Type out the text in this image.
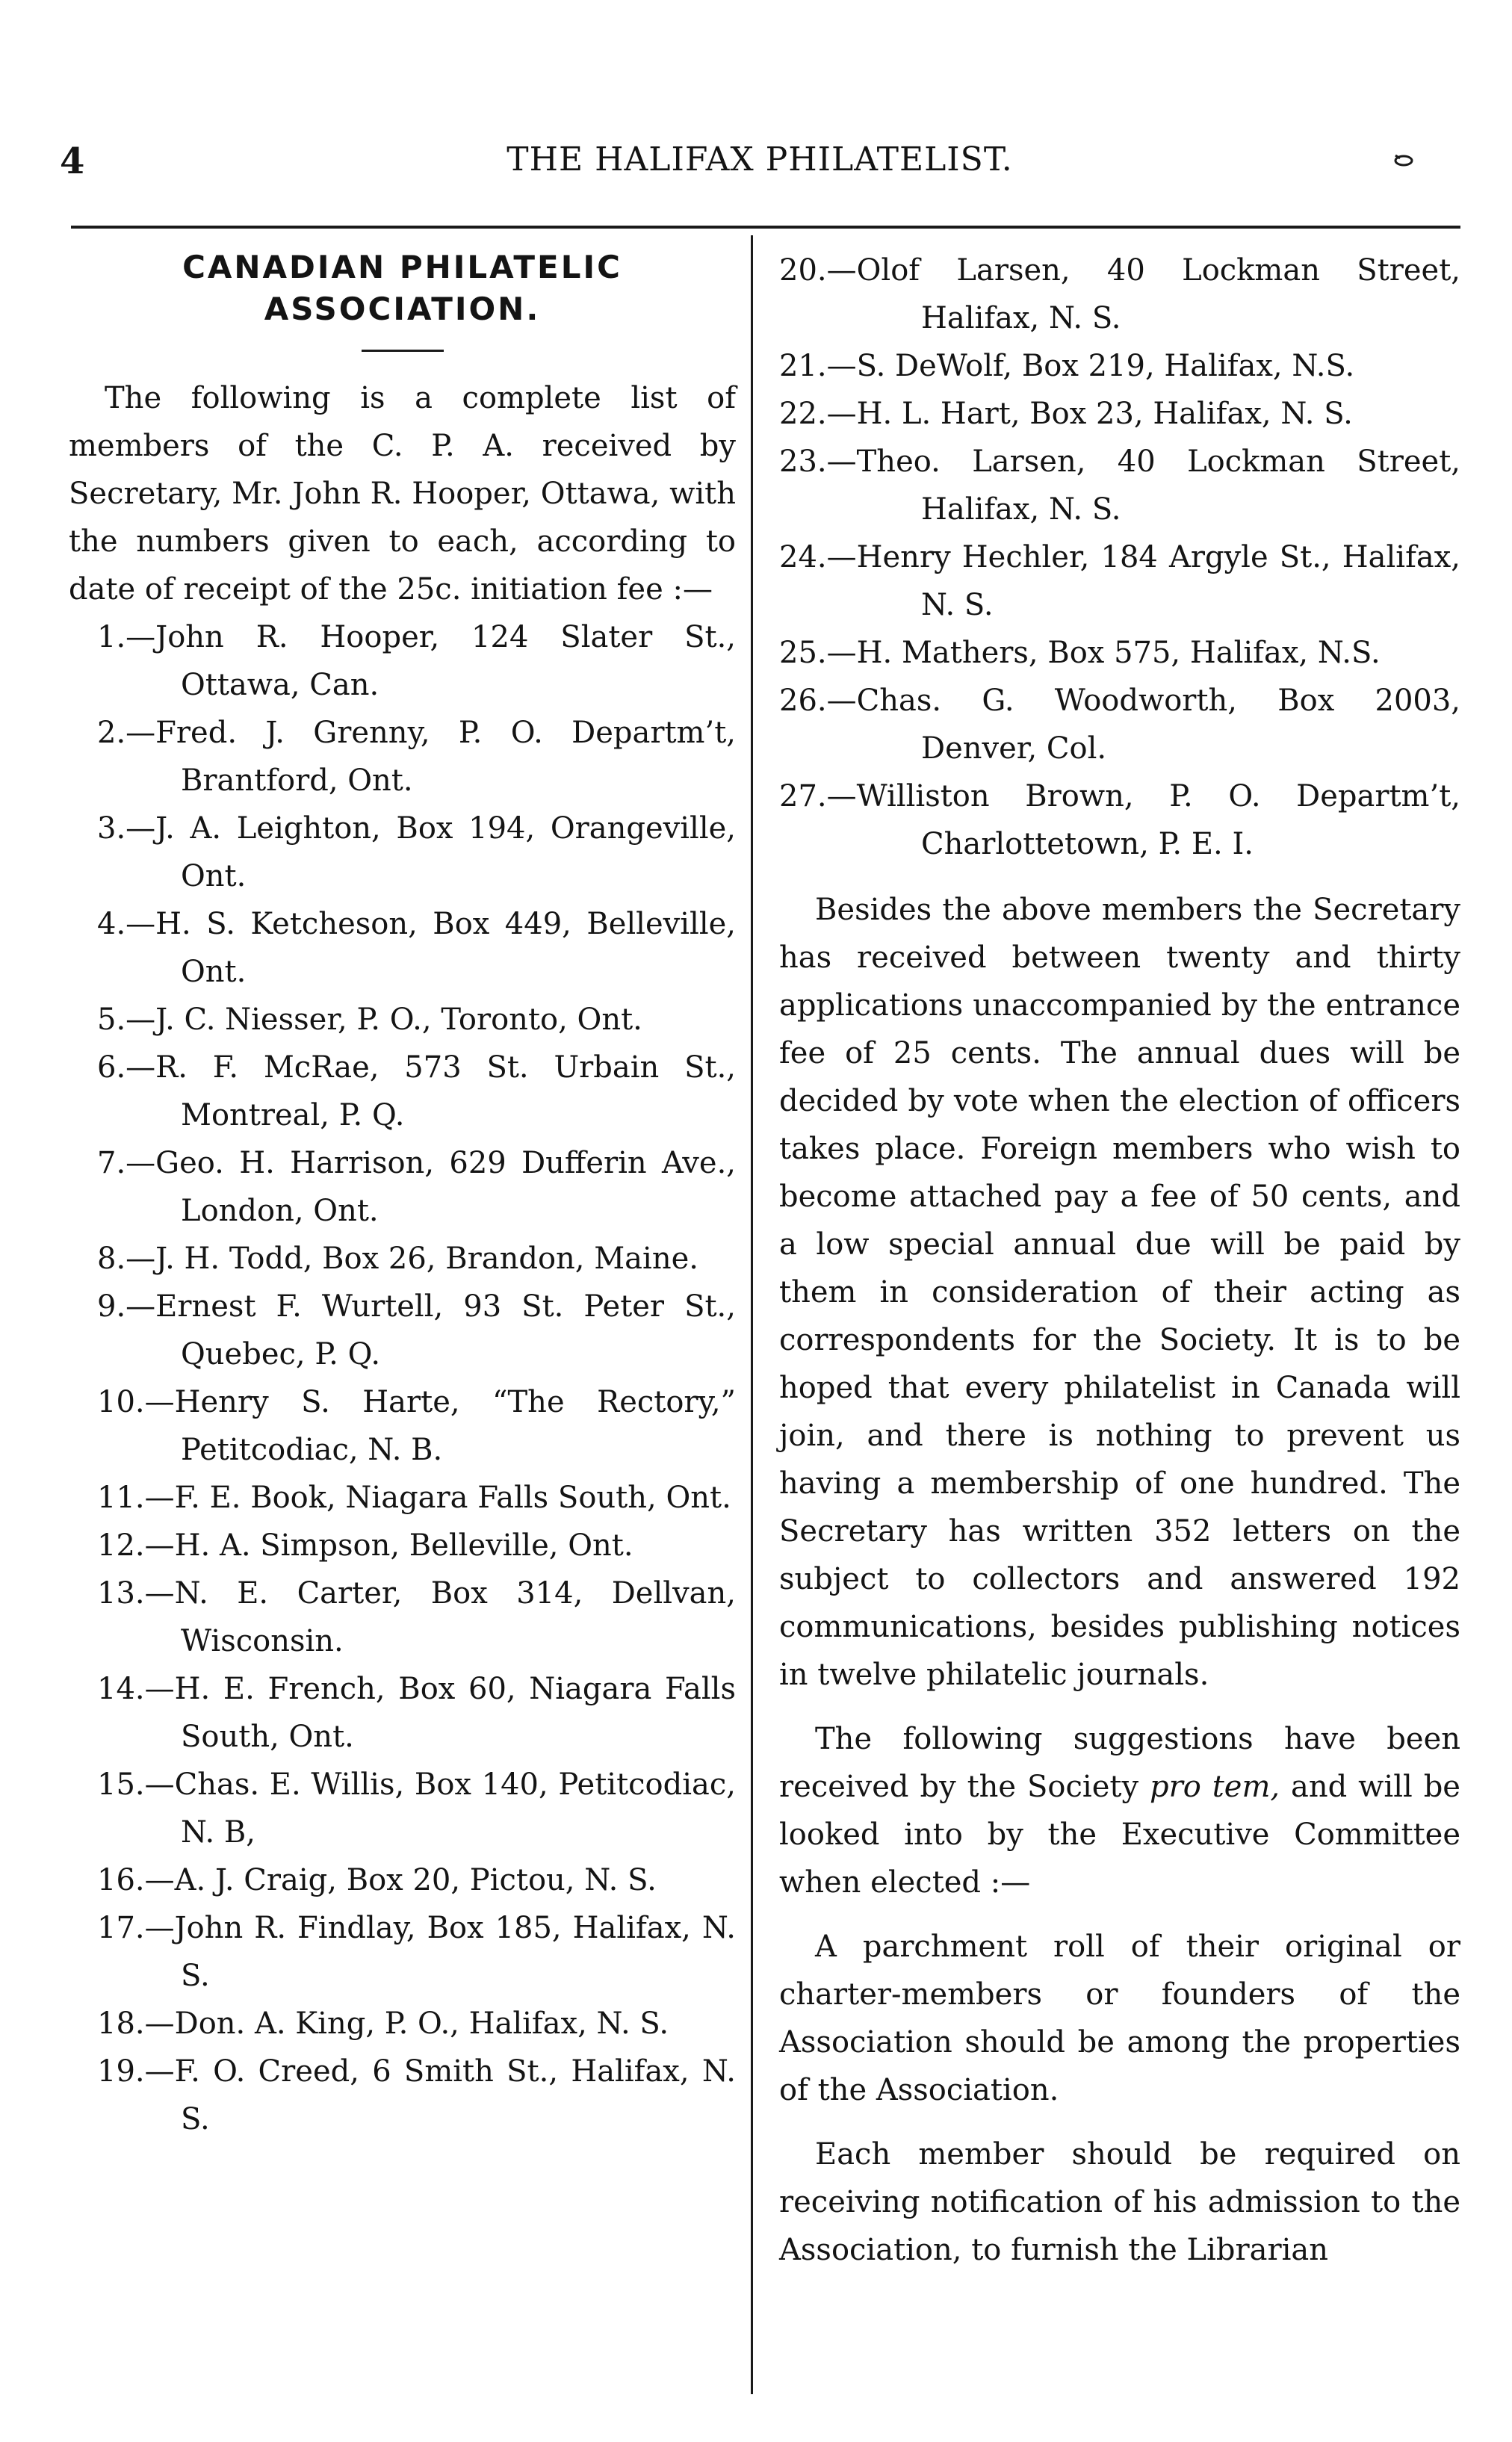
4	THE HALIFAX PHILATELIST.
CANADIAN PHILATELIC
ASSOCIATION.

The following is a complete list of members of the C. P. A. received by Secretary, Mr. John R. Hooper, Ottawa, with the numbers given to each, according to date of receipt of the 25c. initiation fee :—

1.—John R. Hooper, 124 Slater St., Ottawa, Can.
2.—Fred. J. Grenny, P. O. Departm’t, Brantford, Ont.
3.—J. A. Leighton, Box 194, Orangeville, Ont.
4.—H. S. Ketcheson, Box 449, Belleville, Ont.
5.—J. C. Niesser, P. O., Toronto, Ont.
6.—R. F. McRae, 573 St. Urbain St., Montreal, P. Q.
7.—Geo. H. Harrison, 629 Dufferin Ave., London, Ont.
8.—J. H. Todd, Box 26, Brandon, Maine.
9.—Ernest F. Wurtell, 93 St. Peter St., Quebec, P. Q.
10.—Henry S. Harte, “The Rectory,” Petitcodiac, N. B.
11.—F. E. Book, Niagara Falls South, Ont.
12.—H. A. Simpson, Belleville, Ont.
13.—N. E. Carter, Box 314, Dellvan, Wisconsin.
14.—H. E. French, Box 60, Niagara Falls South, Ont.
15.—Chas. E. Willis, Box 140, Petitcodiac, N. B,
16.—A. J. Craig, Box 20, Pictou, N. S.
17.—John R. Findlay, Box 185, Halifax, N. S.
18.—Don. A. King, P. O., Halifax, N. S.
19.—F. O. Creed, 6 Smith St., Halifax, N. S.
20.—Olof Larsen, 40 Lockman Street, Halifax, N. S.
21.—S. DeWolf, Box 219, Halifax, N.S.
22.—H. L. Hart, Box 23, Halifax, N. S.
23.—Theo. Larsen, 40 Lockman Street, Halifax, N. S.
24.—Henry Hechler, 184 Argyle St., Halifax, N. S.
25.—H. Mathers, Box 575, Halifax, N.S.
26.—Chas. G. Woodworth, Box 2003, Denver, Col.
27.—Williston Brown, P. O. Departm’t, Charlottetown, P. E. I.

Besides the above members the Secretary has received between twenty and thirty applications unaccompanied by the entrance fee of 25 cents. The annual dues will be decided by vote when the election of officers takes place. Foreign members who wish to become attached pay a fee of 50 cents, and a low special annual due will be paid by them in consideration of their acting as correspondents for the Society. It is to be hoped that every philatelist in Canada will join, and there is nothing to prevent us having a membership of one hundred. The Secretary has written 352 letters on the subject to collectors and answered 192 communications, besides publishing notices in twelve philatelic journals.

The following suggestions have been received by the Society pro tem, and will be looked into by the Executive Committee when elected :—

A parchment roll of their original or charter-members or founders of the Association should be among the properties of the Association.

Each member should be required on receiving notification of his admission to the Association, to furnish the Librarian
